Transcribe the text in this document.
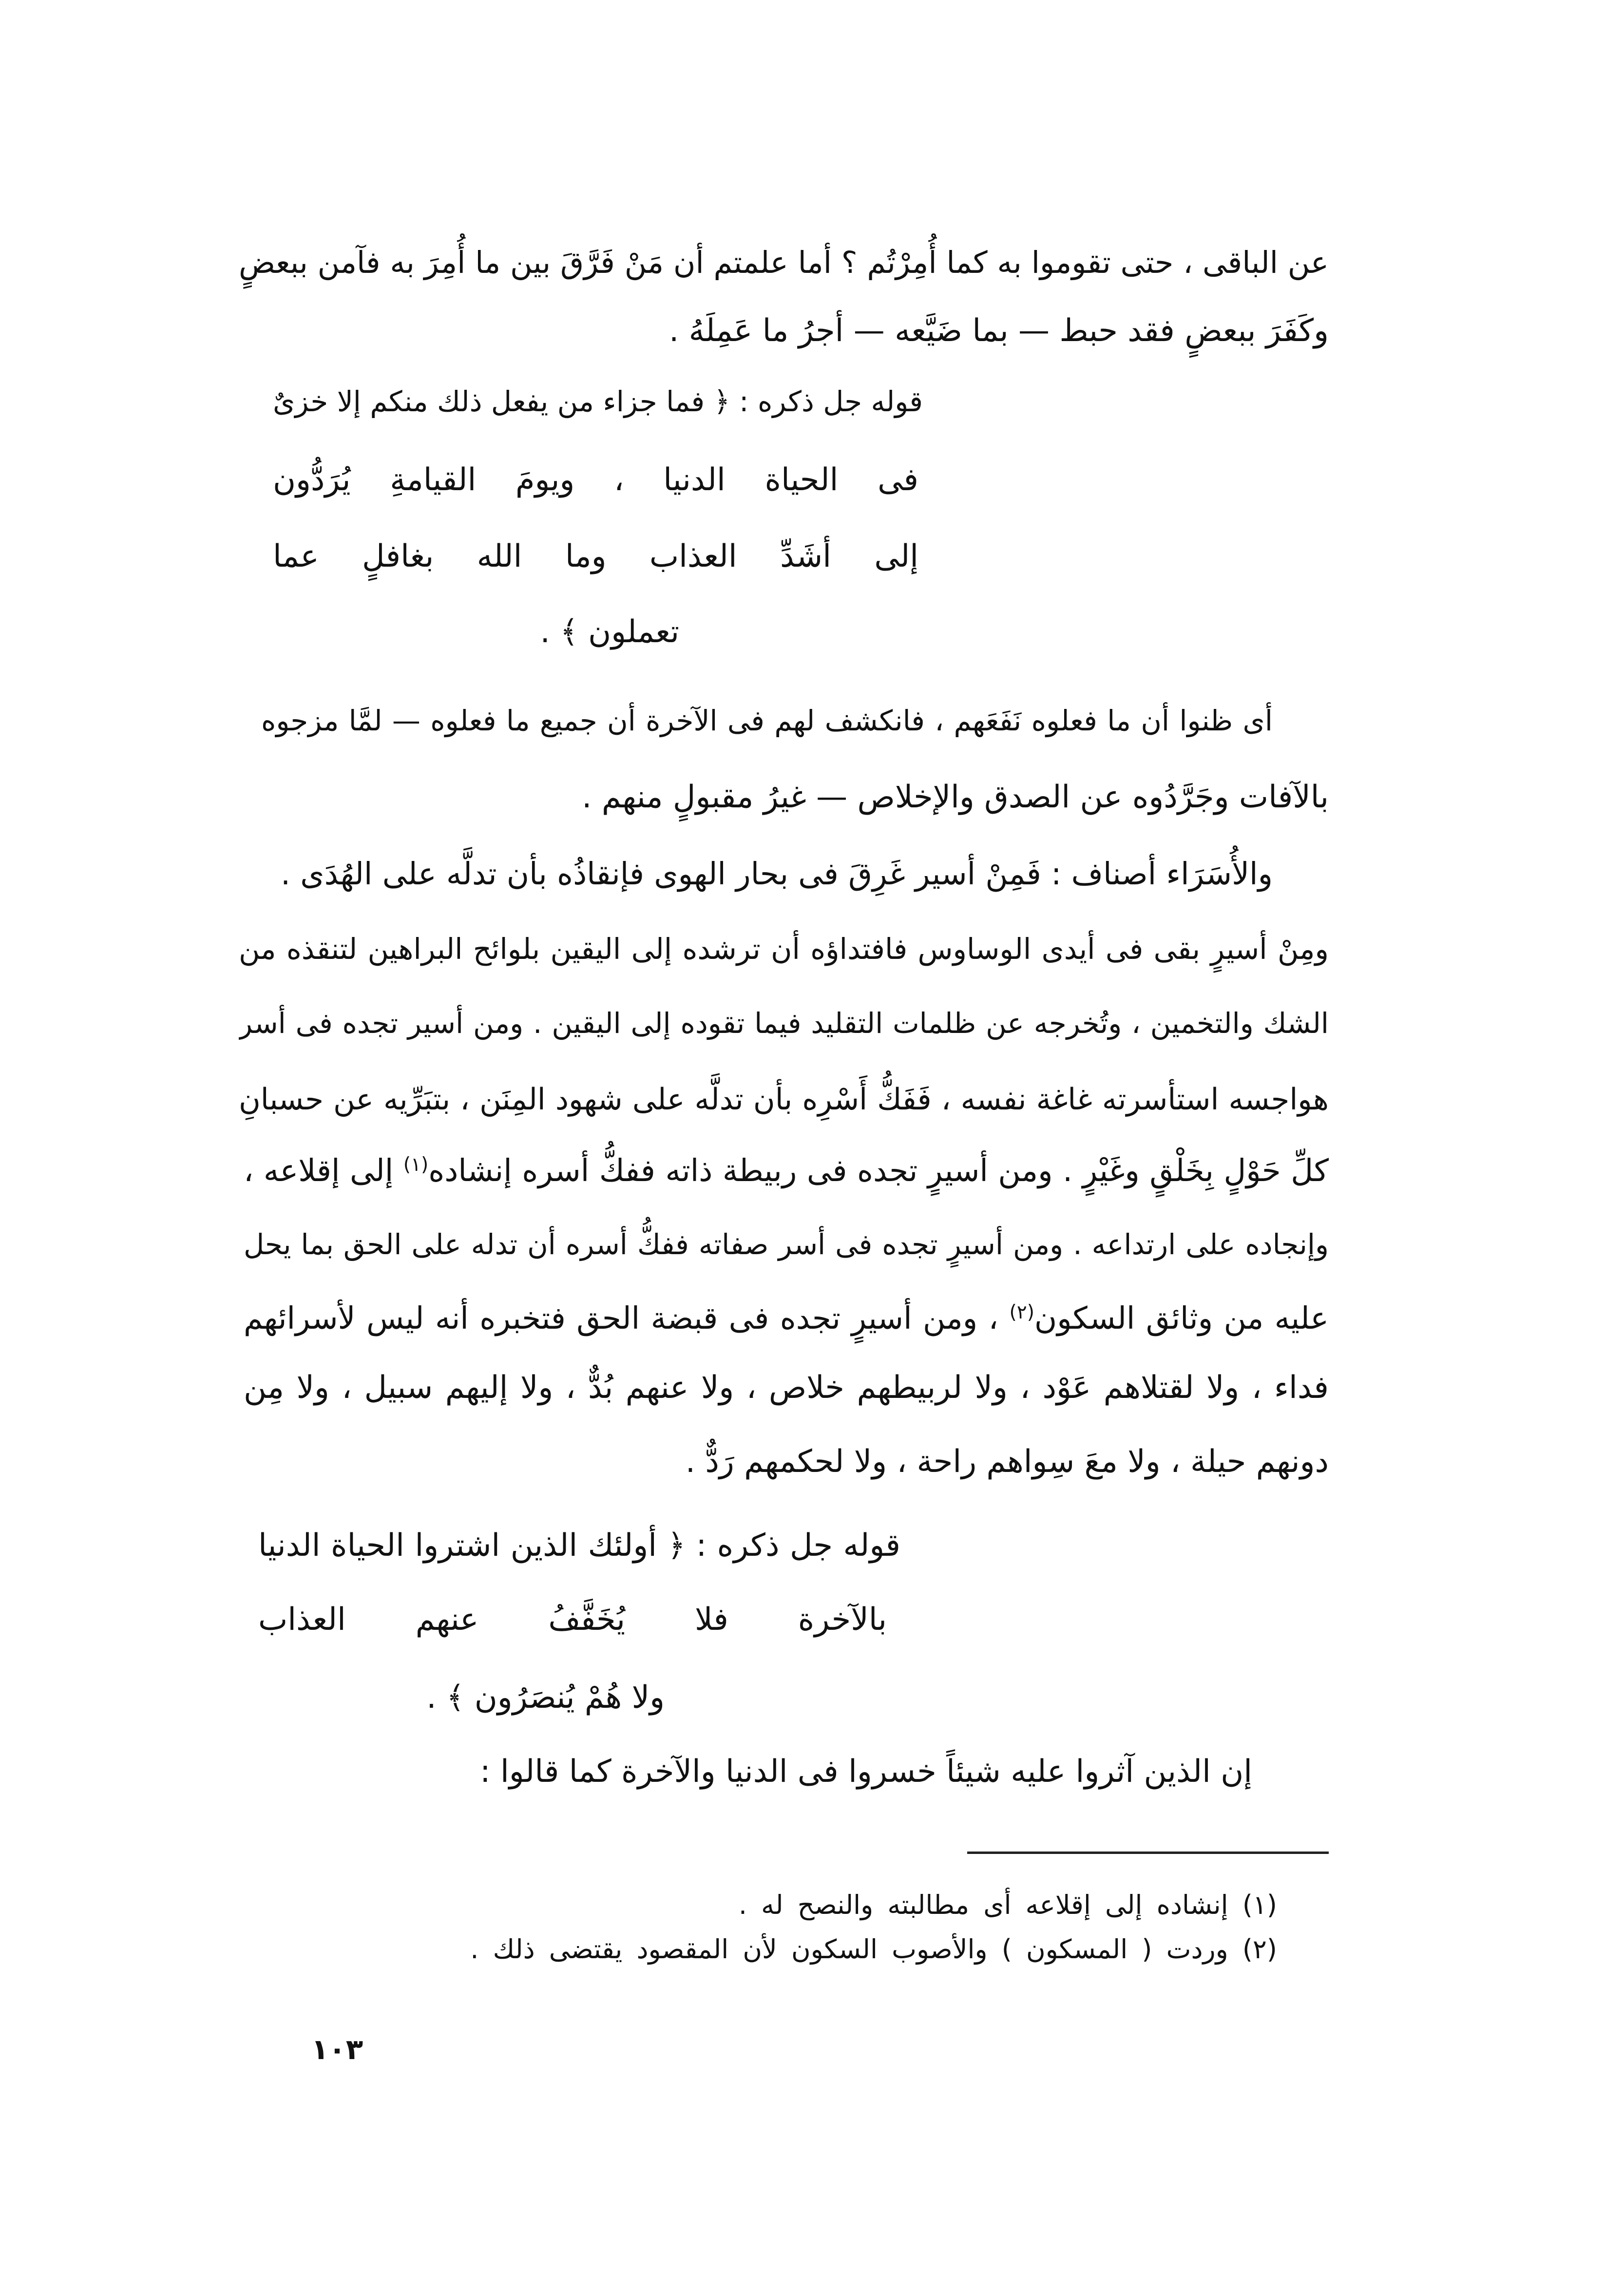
عن الباقى ، حتى تقوموا به كما أُمِرْتُم ؟ أما علمتم أن مَنْ فَرَّقَ بين ما أُمِرَ به فآمن ببعضٍ
وكَفَرَ ببعضٍ فقد حبط — بما ضَيَّعه — أجرُ ما عَمِلَهُ .
قوله جل ذكره : ﴿ فما جزاء من يفعل ذلك منكم إلا خزىٌ
فى الحياة الدنيا ، ويومَ القيامةِ يُرَدُّون
إلى أشَدِّ العذاب وما الله بغافلٍ عما
تعملون ﴾ .
أى ظنوا أن ما فعلوه نَفَعَهم ، فانكشف لهم فى الآخرة أن جميع ما فعلوه — لمَّا مزجوه
بالآفات وجَرَّدُوه عن الصدق والإخلاص — غيرُ مقبولٍ منهم .
والأُسَرَاء أصناف : فَمِنْ أسير غَرِقَ فى بحار الهوى فإنقاذُه بأن تدلَّه على الهُدَى .
ومِنْ أسيرٍ بقى فى أيدى الوساوس فافتداؤه أن ترشده إلى اليقين بلوائح البراهين لتنقذه من
الشك والتخمين ، وتُخرجه عن ظلمات التقليد فيما تقوده إلى اليقين . ومن أسير تجده فى أسر
هواجسه استأسرته غاغة نفسه ، فَفَكُّ أَسْرِه بأن تدلَّه على شهود المِنَن ، بتبَرِّيه عن حسبانِ
كلِّ حَوْلٍ بِخَلْقٍ وغَيْرٍ . ومن أسيرٍ تجده فى ربيطة ذاته ففكُّ أسره إنشاده$^{(١)}$ إلى إقلاعه ،
وإنجاده على ارتداعه . ومن أسيرٍ تجده فى أسر صفاته ففكُّ أسره أن تدله على الحق بما يحل
عليه من وثائق السكون$^{(٢)}$ ، ومن أسيرٍ تجده فى قبضة الحق فتخبره أنه ليس لأسرائهم
فداء ، ولا لقتلاهم عَوْد ، ولا لربيطهم خلاص ، ولا عنهم بُدٌّ ، ولا إليهم سبيل ، ولا مِن
دونهم حيلة ، ولا معَ سِواهم راحة ، ولا لحكمهم رَدٌّ .
قوله جل ذكره : ﴿ أولئك الذين اشتروا الحياة الدنيا
بالآخرة فلا يُخَفَّفُ عنهم العذاب
ولا هُمْ يُنصَرُون ﴾ .
إن الذين آثروا عليه شيئاً خسروا فى الدنيا والآخرة كما قالوا :
(١) إنشاده إلى إقلاعه أى مطالبته والنصح له .
(٢) وردت ( المسكون ) والأصوب السكون لأن المقصود يقتضى ذلك .
١٠٣
